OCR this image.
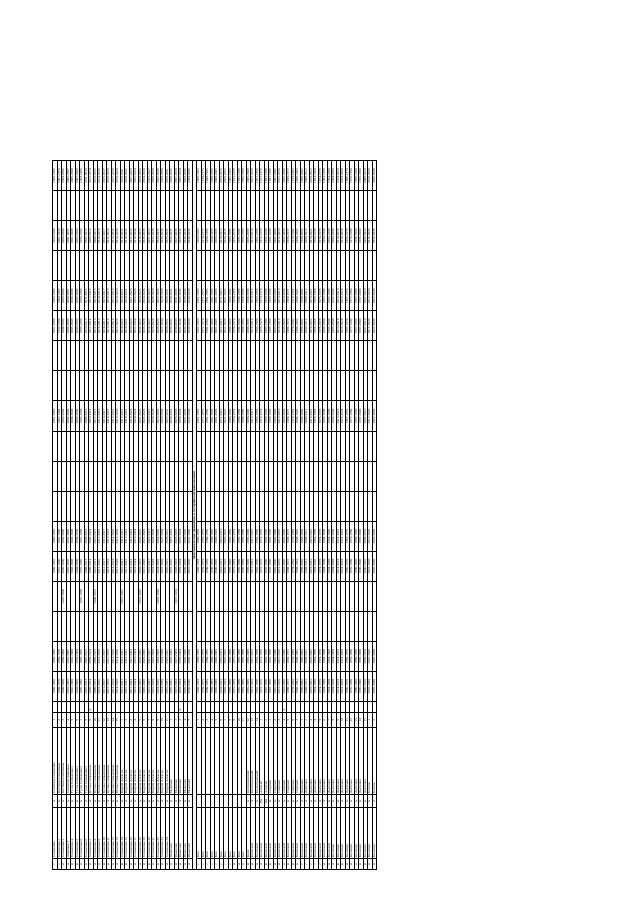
с	Семьянова	м	Семенова Семьянова	1		1960-1969	1960-1969			1960-1965	1960-1965				1961-1963			1991-1999	1993-1999		1960-1969		1960-1969
с	Семьянова 1	м	Костенко Семеновна	2		1960-1970	1960-1970			1961-1966	1961-1966				1962-1964			1992-1999	1994-1999		1961-1970		1961-1970
м	Семьянова 2	м	Костенко Семеновна	3		2000-2006	2000-2006		2001-2006	2002-2006	2002-2006				2003-2006			2004-2006	2005-2006		2000-2006		2004-2006
м	Лавровна 3	м	Семенова Лавровна	4		2001-2007	2001-2007			2001-2005	2001-2005				2002-2006			2003-2006	2004-2007		2001-2007		2005-2007
м	Семьянова 4	м	Гусев Семьянович	5		2002-2008	2002-2008			2003-2008	2003-2008				2004-2008			2005-2008	2006-2008		2002-2008		2006-2008
м	Семьянова 5	м	Гусев Семьянович	6		2003-2009	2003-2009			2004-2009	2004-2009				2005-2009			2006-2009	2007-2009		2003-2009		2007-2009
м	Семьянова 6	м	Гусев Семьянович	7		1990-1996	1990-1996		1991-1996	1991-1996	1991-1996				1992-1996			1993-1996	1994-1996		1990-1996		1994-1996
м	Семьянова 6.	м	Гусев Семьянович	8		2007-2013	2007-2013			2008-2013	2008-2013				2009-2013			2010-2013	2011-2013		2007-2013		2011-2013
м	Семьянова 7	м	Бусева Семьяновна	9	А	2008-2014	2008-2014			2009-2014	2009-2014				2010-2014			2011-2014	2012-2014		2008-2014		2012-2014
м	Семьянова 8	м	Бусева Семьяновна	10		2009-2015	2009-2015		2009-2015	2010-2015	2010-2015				2011-2015			2012-2015	2013-2015		2009-2015		2013-2015
м	Семьянова 9	м	Бусева Семьяновна	11		2010-2016	2010-2016			2011-2016	2011-2016				2012-2016			2013-2016	2014-2016		2010-2016		2014-2016
м	Семьянова 10	м	Бусева Семьяновна	12		2011-2017	2011-2017			2012-2017	2012-2017				2013-2017			2014-2017	2015-2017		2011-2017		2015-2017
м	Семьянова 11	м	Бусева Семьяновна	13		2012-2018	2012-2018			2013-2018	2013-2018				2014-2018			2015-2018	2016-2018		2012-2018		2016-2018
м	Семьянова 12	м	Бусева Семьяновна	14		2013-2019	2013-2019			2014-2019	2014-2019				2015-2019			2016-2019	2017-2019		2013-2019		2017-2019
м	Семьянова 13	м	Бусева Семьяновна	15		2014-2020	2014-2020			2015-2020	2015-2020				2016-2020			2017-2020	2018-2020		2014-2020		2018-2020
м	Семьянова 14	м	Бадров Алексич	1		2015-2021	2015-2021		2015-2021	2016-2021	2016-2021				2017-2021			2018-2021	2019-2021		2015-2021		2019-2021
м	Семьянова 15	м	Бадров Алексич	2		2016-2022	2016-2022			2017-2022	2017-2022				2018-2022			2019-2022	2020-2022		2016-2022		2020-2022
м	Семьянова 16	м	Бадров Алексич	3		2017-2023	2017-2023			2018-2023	2018-2023				2019-2023			2020-2023	2021-2023		2017-2023		2021-2023
м	Семьянова 17	м	Бадров Алексич	4		2018-2024	2018-2024			2019-2024	2019-2024				2020-2024			2021-2024	2022-2024		2018-2024		2022-2024
м	Семьянова 18	м	Бадров Алексич	5		2019-2025	2019-2025		2019-2025	2020-2025	2020-2025				2021-2025			2022-2025	2023-2025		2019-2025		2023-2025
м	Семьянова 19	м	Бадров Алексич	6		2020-2026	2020-2026			2021-2026	2021-2026				2022-2026			2023-2026	2024-2026		2020-2026		2024-2026
м	Семьянова 20	м	Бадров Алексич	7		2021-2027	2021-2027			2022-2027	2022-2027				2023-2027			2024-2027	2025-2027		2021-2027		2025-2027
м	Семьянова 21	м	Бадров Алексич	8		2022-2028	2022-2028			2023-2028	2023-2028				2024-2028			2025-2028	2026-2028		2022-2028		2026-2028
м	Семьянова 22	м	Бадров Алексич	9		2023-2029	2023-2029		2023-2029	2024-2029	2024-2029				2025-2029			2026-2029	2027-2029		2023-2029		2027-2029
м	Семьянова 23	м	Бадров Алексич	10		2024-2030	2024-2030			2025-2030	2025-2030				2026-2030			2027-2030	2028-2030		2024-2030		2028-2030
м	Семьянова 24	м	Бадров Алексич	11		2025-2031	2025-2031			2026-2031	2026-2031				2027-2031			2028-2031	2029-2031		2025-2031		2029-2031
м	Пьяненко	м	Пьяненко	1		2026-2032	2026-2032			2027-2032	2027-2032				2028-2032			2029-2032	2030-2032		2026-2032		2030-2032
м	Пьяненко	м	Пьяненко	2		2027-2033	2027-2033		2027-2033	2028-2033	2028-2033				2029-2033			2030-2033	2031-2033		2027-2033		2031-2033
м	Пьяненко	м	Пьяненко	3	А	2028-2034	2028-2034			2029-2034	2029-2034				2030-2034			2031-2034	2032-2034		2028-2034		2032-2034
м	Пьяненко	м	Пьяненко	4		2029-2035	2029-2035			2030-2035	2030-2035				2031-2035			2032-2035	2033-2035		2029-2035		2033-2035
м	Пьяненко	м	Пьяненко	5		2030-2036	2030-2036			2031-2036	2031-2036				2032-2036			2033-2036	2034-2036		2030-2036		2034-2036
Математические принципы в Ассирийской цивилизации																							
с	Кив			1		1960-1963	1960-1963			1960-1963	1960-1963				1961-1963			1961-1963	1961-1963		1960-1963		1960-1963
с	Кив			2		1970-1975	1970-1975			1970-1975	1970-1975				1971-1975			1971-1975	1971-1975		1970-1975		1970-1975
с	Кив			3		1980-1985	1980-1985			1980-1985	1980-1985				1981-1985			1981-1985	1981-1985		1980-1985		1980-1985
с	Кив			4		1990-1995	1990-1995			1990-1995	1990-1995				1991-1995			1991-1995	1991-1995		1990-1995		1990-1995
с	Кив			5		2000-2005	2000-2005			2000-2005	2000-2005				2001-2005			2001-2005	2001-2005		2000-2005		2000-2005
с	Кив			6		2010-2015	2010-2015			2010-2015	2010-2015				2011-2015			2011-2015	2011-2015		2010-2015		2010-2015
с	Кив			7		2020-2025	2020-2025			2020-2025	2020-2025				2021-2025			2021-2025	2021-2025		2020-2025		2020-2025
с	Кив			8		1965-1969	1965-1969			1965-1969	1965-1969				1966-1969			1966-1969	1966-1969		1965-1969		1965-1969
м	Кив			9		1975-1979	1975-1979			1975-1979	1975-1979				1976-1979			1976-1979	1976-1979		1975-1979		1975-1979
м	Кив			10		1985-1989	1985-1989			1985-1989	1985-1989				1986-1989			1986-1989	1986-1989		1985-1989		1985-1989
м	Кив			11		1995-1999	1995-1999			1995-1999	1995-1999				1996-1999			1996-1999	1996-1999		1995-1999		1995-1999
м	Киев	м	Колчиньовский	12		2005-2009	2005-2009			2005-2009	2005-2009				2006-2009			2006-2009	2006-2009		2005-2009		2005-2009
м	Киевский	м	Колчиньовский	13		2015-2019	2015-2019			2015-2019	2015-2019				2016-2019			2016-2019	2016-2019		2015-2019		2015-2019
м	Киевский	м	Колчиньовский	14		1962-1966	1962-1966			1962-1966	1962-1966				1963-1966			1963-1966	1963-1966		1962-1966		1962-1966
м	Киевский	РД	Алексей	1		1972-1976	1972-1976			1972-1976	1972-1976				1973-1976			1973-1976	1973-1976		1972-1976		1972-1976
м	Киевский	РД	Алексей	2		1982-1986	1982-1986			1982-1986	1982-1986				1983-1986			1983-1986	1983-1986		1982-1986		1982-1986
м	Киевский	м	Озерный	1		1992-1996	1992-1996			1992-1996	1992-1996				1993-1996			1993-1996	1993-1996		1992-1996		1992-1996
м	Киевский	м	Озерный	2		2002-2006	2002-2006			2002-2006	2002-2006				2003-2006			2003-2006	2003-2006		2002-2006		2002-2006
м	Киевский	м	Озерный	3		2012-2016	2012-2016			2012-2016	2012-2016				2013-2016			2013-2016	2013-2016		2012-2016		2012-2016
м	Киевский	м	Озерный	4	А	2022-2026	2022-2026			2022-2026	2022-2026				2023-2026			2023-2026	2023-2026		2022-2026		2022-2026
м	Киевский	м	Озерный	5		1968-1972	1968-1972			1968-1972	1968-1972				1969-1972			1969-1972	1969-1972		1968-1972		1968-1972
м	Киевский	м	Озерный	6		1978-1982	1978-1982			1978-1982	1978-1982				1979-1982			1979-1982	1979-1982		1978-1982		1978-1982
м	Киевский	м	Озерный	7		1988-1992	1988-1992			1988-1992	1988-1992				1989-1992			1989-1992	1989-1992		1988-1992		1988-1992
с	Киевский	м	Дьяченко	1		1998-2002	1998-2002			1998-2002	1998-2002				1999-2002			1999-2002	1999-2002		1998-2002		1998-2002
с	Киевский	м	Дьяченко	2		2008-2012	2008-2012			2008-2012	2008-2012				2009-2012			2009-2012	2009-2012		2008-2012		2008-2012
с	Киевский	м	Дьяченко	3		2018-2022	2018-2022			2018-2022	2018-2022				2019-2022			2019-2022	2019-2022		2018-2022		2018-2022
с	Киевский	м	Дьяченко	4		1964-1968	1964-1968			1964-1968	1964-1968				1965-1968			1965-1968	1965-1968		1964-1968		1964-1968
с	Киевский	м	Дьяченко	5		1974-1978	1974-1978			1974-1978	1974-1978				1975-1978			1975-1978	1975-1978		1974-1978		1974-1978
м	Киевский	м	Дьяченко	6		1984-1988	1984-1988			1984-1988	1984-1988				1985-1988			1985-1988	1985-1988		1984-1988		1984-1988
м	Киевский	м	Дьяченко	7		1994-1998	1994-1998			1994-1998	1994-1998				1995-1998			1995-1998	1995-1998		1994-1998		1994-1998
м	Кильберг	м	Дьяченко	8		2004-2008	2004-2008			2004-2008	2004-2008				2005-2008			2005-2008	2005-2008		2004-2008		2004-2008
м	Кильберг	м	Дьяченко	9		2014-2018	2014-2018			2014-2018	2014-2018				2015-2018			2015-2018	2015-2018		2014-2018		2014-2018
м	Кильберг	м	Дьяченко	10		2024-2028	2024-2028			2024-2028	2024-2028				2025-2028			2025-2028	2025-2028		2024-2028		2024-2028
м	Кильберг	м	Дьяченко	11		1966-1970	1966-1970			1966-1970	1966-1970				1967-1970			1967-1970	1967-1970		1966-1970		1966-1970
м	Кильберг	м	Дьяченко	12		1976-1980	1976-1980			1976-1980	1976-1980				1977-1980			1977-1980	1977-1980		1976-1980		1976-1980
м	Кильберг	м	Дьяченко	13		1986-1990	1986-1990			1986-1990	1986-1990				1987-1990			1987-1990	1987-1990		1986-1990		1986-1990
м	Кильберг	м	Дьяченко	14		1996-2000	1996-2000			1996-2000	1996-2000				1997-2000			1997-2000	1997-2000		1996-2000		1996-2000
м	Кильберг	м	Дьяченко	15		2006-2010	2006-2010			2006-2010	2006-2010				2007-2010			2007-2010	2007-2010		2006-2010		2006-2010
м	Кильберг	м	Ксения	1		2016-2020	2016-2020			2016-2020	2016-2020				2017-2020			2017-2020	2017-2020		2016-2020		2016-2020
м	Кильберг	м	Ксения	2		2026-2030	2026-2030			2026-2030	2026-2030				2027-2030			2027-2030	2027-2030		2026-2030		2026-2030
